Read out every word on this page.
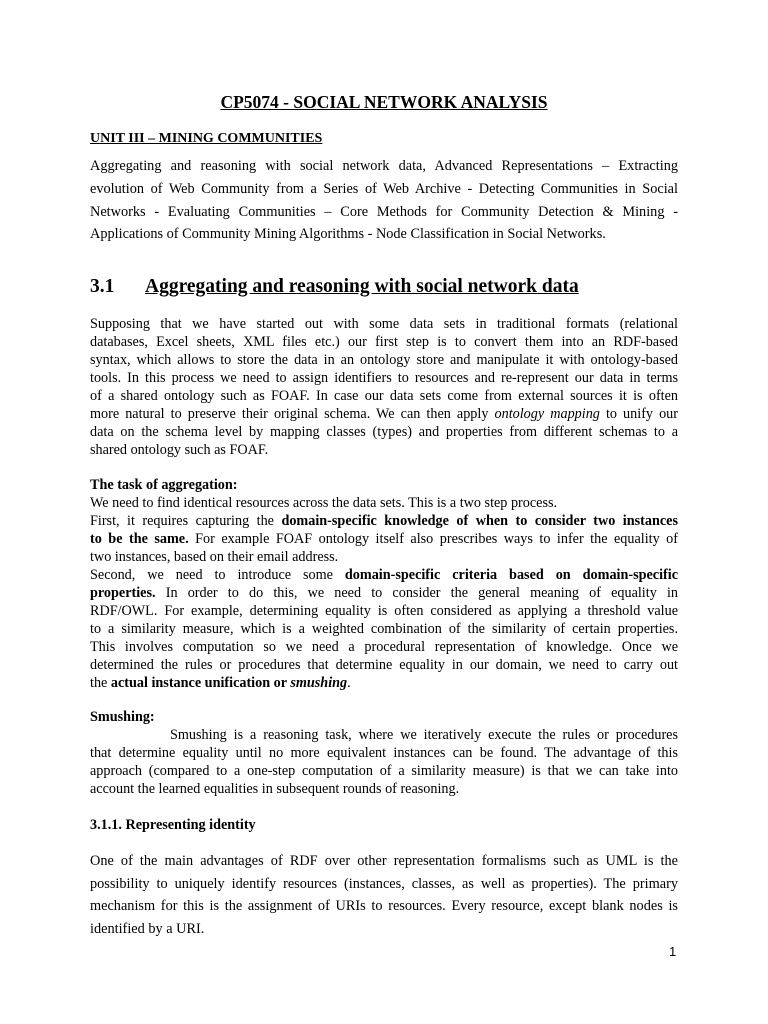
CP5074 - SOCIAL NETWORK ANALYSIS
UNIT III – MINING COMMUNITIES

Aggregating and reasoning with social network data, Advanced Representations – Extracting
evolution of Web Community from a Series of Web Archive - Detecting Communities in Social
Networks - Evaluating Communities – Core Methods for Community Detection & Mining -
Applications of Community Mining Algorithms - Node Classification in Social Networks.

3.1 Aggregating and reasoning with social network data

Supposing that we have started out with some data sets in traditional formats (relational
databases, Excel sheets, XML files etc.) our first step is to convert them into an RDF-based
syntax, which allows to store the data in an ontology store and manipulate it with ontology-based
tools. In this process we need to assign identifiers to resources and re-represent our data in terms
of a shared ontology such as FOAF. In case our data sets come from external sources it is often
more natural to preserve their original schema. We can then apply ontology mapping to unify our
data on the schema level by mapping classes (types) and properties from different schemas to a
shared ontology such as FOAF.

The task of aggregation:
We need to find identical resources across the data sets. This is a two step process.
First, it requires capturing the domain-specific knowledge of when to consider two instances
to be the same. For example FOAF ontology itself also prescribes ways to infer the equality of
two instances, based on their email address.
Second, we need to introduce some domain-specific criteria based on domain-specific
properties. In order to do this, we need to consider the general meaning of equality in
RDF/OWL. For example, determining equality is often considered as applying a threshold value
to a similarity measure, which is a weighted combination of the similarity of certain properties.
This involves computation so we need a procedural representation of knowledge. Once we
determined the rules or procedures that determine equality in our domain, we need to carry out
the actual instance unification or smushing.

Smushing:
Smushing is a reasoning task, where we iteratively execute the rules or procedures
that determine equality until no more equivalent instances can be found. The advantage of this
approach (compared to a one-step computation of a similarity measure) is that we can take into
account the learned equalities in subsequent rounds of reasoning.

3.1.1. Representing identity

One of the main advantages of RDF over other representation formalisms such as UML is the
possibility to uniquely identify resources (instances, classes, as well as properties). The primary
mechanism for this is the assignment of URIs to resources. Every resource, except blank nodes is
identified by a URI.

1
